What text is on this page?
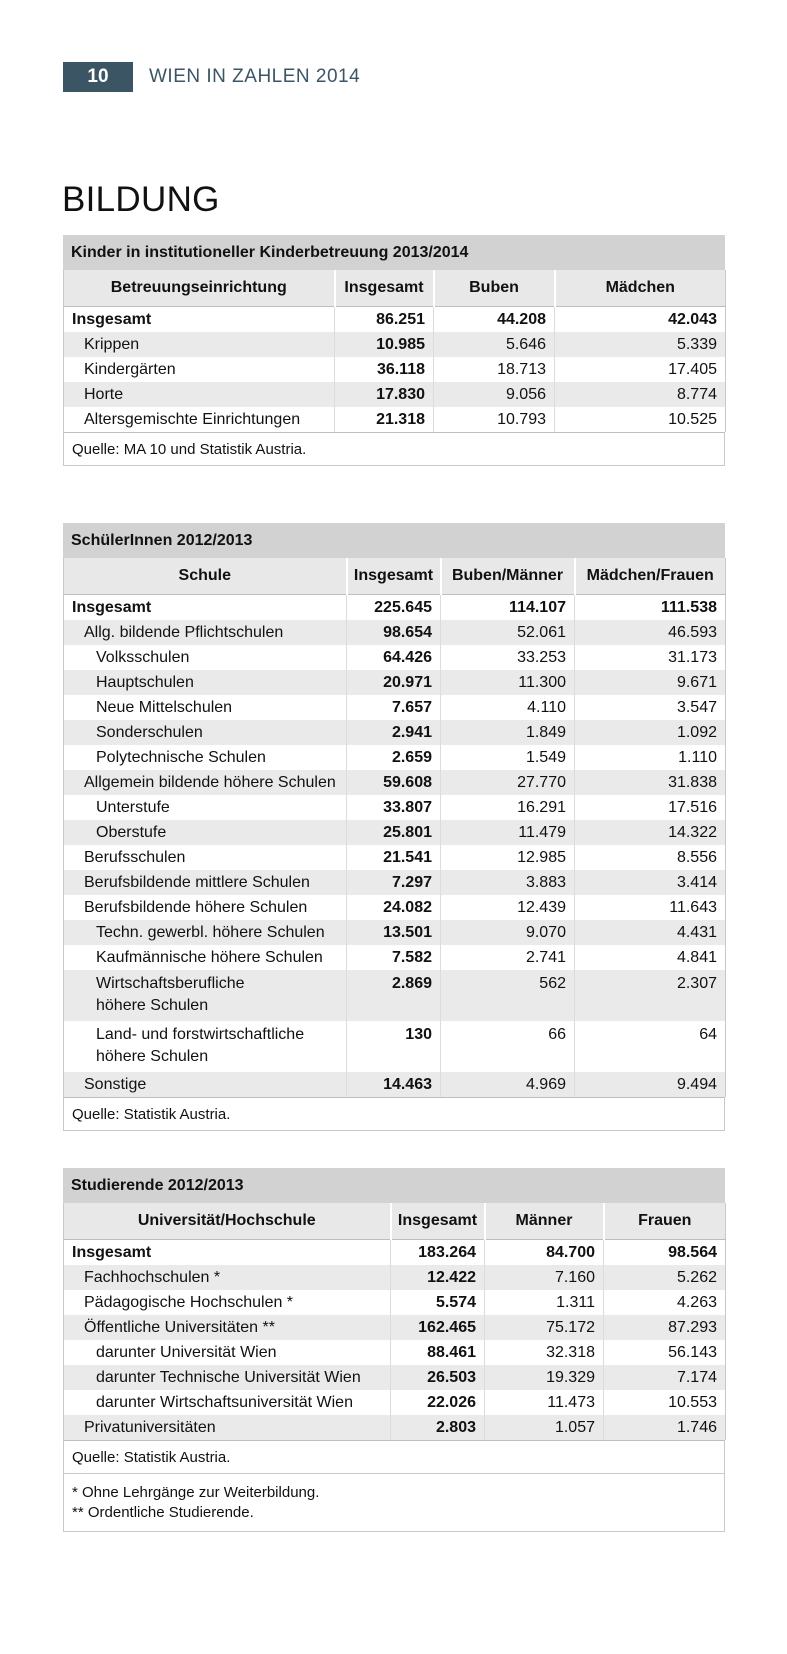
10	WIEN IN ZAHLEN 2014
BILDUNG
Kinder in institutioneller Kinderbetreuung 2013/2014
Betreuungseinrichtung	Insgesamt	Buben	Mädchen
Insgesamt	86.251	44.208	42.043
Krippen	10.985	5.646	5.339
Kindergärten	36.118	18.713	17.405
Horte	17.830	9.056	8.774
Altersgemischte Einrichtungen	21.318	10.793	10.525
Quelle: MA 10 und Statistik Austria.
SchülerInnen 2012/2013
Schule	Insgesamt	Buben/Männer	Mädchen/Frauen
Insgesamt	225.645	114.107	111.538
Allg. bildende Pflichtschulen	98.654	52.061	46.593
Volksschulen	64.426	33.253	31.173
Hauptschulen	20.971	11.300	9.671
Neue Mittelschulen	7.657	4.110	3.547
Sonderschulen	2.941	1.849	1.092
Polytechnische Schulen	2.659	1.549	1.110
Allgemein bildende höhere Schulen	59.608	27.770	31.838
Unterstufe	33.807	16.291	17.516
Oberstufe	25.801	11.479	14.322
Berufsschulen	21.541	12.985	8.556
Berufsbildende mittlere Schulen	7.297	3.883	3.414
Berufsbildende höhere Schulen	24.082	12.439	11.643
Techn. gewerbl. höhere Schulen	13.501	9.070	4.431
Kaufmännische höhere Schulen	7.582	2.741	4.841
Wirtschaftsberufliche
höhere Schulen	2.869	562	2.307
Land- und forstwirtschaftliche
höhere Schulen	130	66	64
Sonstige	14.463	4.969	9.494
Quelle: Statistik Austria.
Studierende 2012/2013
Universität/Hochschule	Insgesamt	Männer	Frauen
Insgesamt	183.264	84.700	98.564
Fachhochschulen *	12.422	7.160	5.262
Pädagogische Hochschulen *	5.574	1.311	4.263
Öffentliche Universitäten **	162.465	75.172	87.293
darunter Universität Wien	88.461	32.318	56.143
darunter Technische Universität Wien	26.503	19.329	7.174
darunter Wirtschaftsuniversität Wien	22.026	11.473	10.553
Privatuniversitäten	2.803	1.057	1.746
Quelle: Statistik Austria.
* Ohne Lehrgänge zur Weiterbildung.
** Ordentliche Studierende.
